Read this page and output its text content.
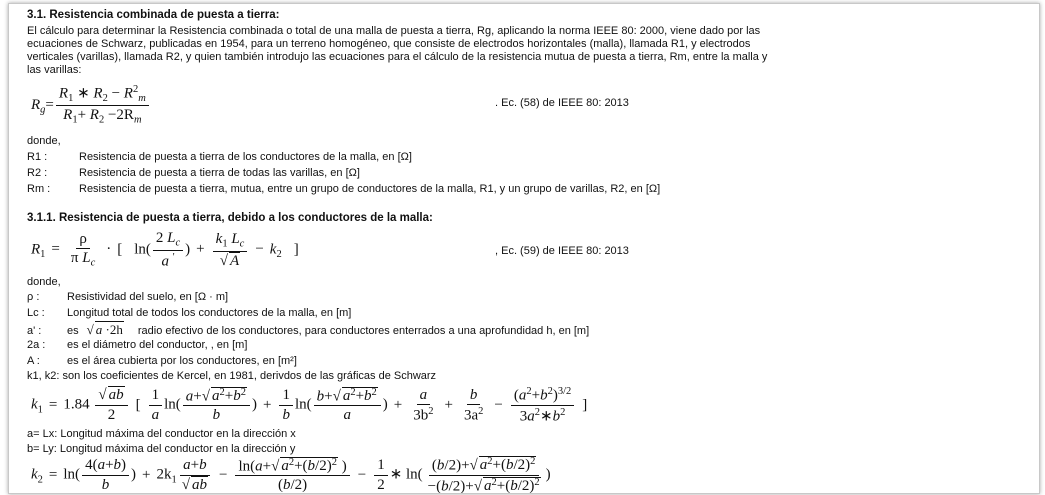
3.1. Resistencia combinada de puesta a tierra:
El cálculo para determinar la Resistencia combinada o total de una malla de puesta a tierra, Rg, aplicando la norma IEEE 80: 2000, viene dado por las
ecuaciones de Schwarz, publicadas en 1954, para un terreno homogéneo, que consiste de electrodos horizontales (malla), llamada R1, y electrodos
verticales (varillas), llamada R2, y quien también introdujo las ecuaciones para el cálculo de la resistencia mutua de puesta a tierra, Rm, entre la malla y
las varillas:
$R_g= \frac{R_1 ∗ R_2 - R^2_m}{R_1+ R_2 -2R_m}$	. Ec. (58) de IEEE 80: 2013
donde,
R1 :	Resistencia de puesta a tierra de los conductores de la malla, en [Ω]
R2 :	Resistencia de puesta a tierra de todas las varillas, en [Ω]
Rm :	Resistencia de puesta a tierra, mutua, entre un grupo de conductores de la malla, R1, y un grupo de varillas, R2, en [Ω]
3.1.1. Resistencia de puesta a tierra, debido a los conductores de la malla:
$R_1 = \frac{\rho}{\pi L_c}$ · [ $\ln( \frac{2 L_c}{a '}$ ) + $\frac{k_1 L_c}{√ A} - k_2$ ]	, Ec. (59) de IEEE 80: 2013
donde,
ρ :	Resistividad del suelo, en [Ω · m]
Lc : Longitud total de todos los conductores de la malla, en [m]
a' : es √ a ·2h radio efectivo de los conductores, para conductores enterrados a una aprofundidad h, en [m]
2a : es el diámetro del conductor, , en [m]
A : es el área cubierta por los conductores, en [m²]
k1, k2: son los coeficientes de Kercel, en 1981, derivdos de las gráficas de Schwarz
$k_1 = 1.84 \frac{√ ab}{2}$ [ $\frac{1}{a} \ln( \frac{a+√ a^2+b^2}{b}$ ) + $\frac{1}{b} \ln( \frac{b+√ a^2+b^2}{a}$ ) + $\frac{a}{3b^2} + \frac{b}{3a^2} - \frac{(a^2+b^2)^{3/2}}{3a^2∗b^2}$ ]
a= Lx: Longitud máxima del conductor en la dirección x
b= Ly: Longitud máxima del conductor en la dirección y
$k_2 = \ln( \frac{4(a+b)}{b}$ ) + $2k_1 \frac{a+b}{√ ab} - \frac{\ln(a+√ a^2+(b/2)^2 )}{(b/2)} - \frac{1}{2}$ ∗ $\ln( \frac{(b/2)+√ a^2+(b/2)^2}{-(b/2)+√ a^2+(b/2)^2}$ )
